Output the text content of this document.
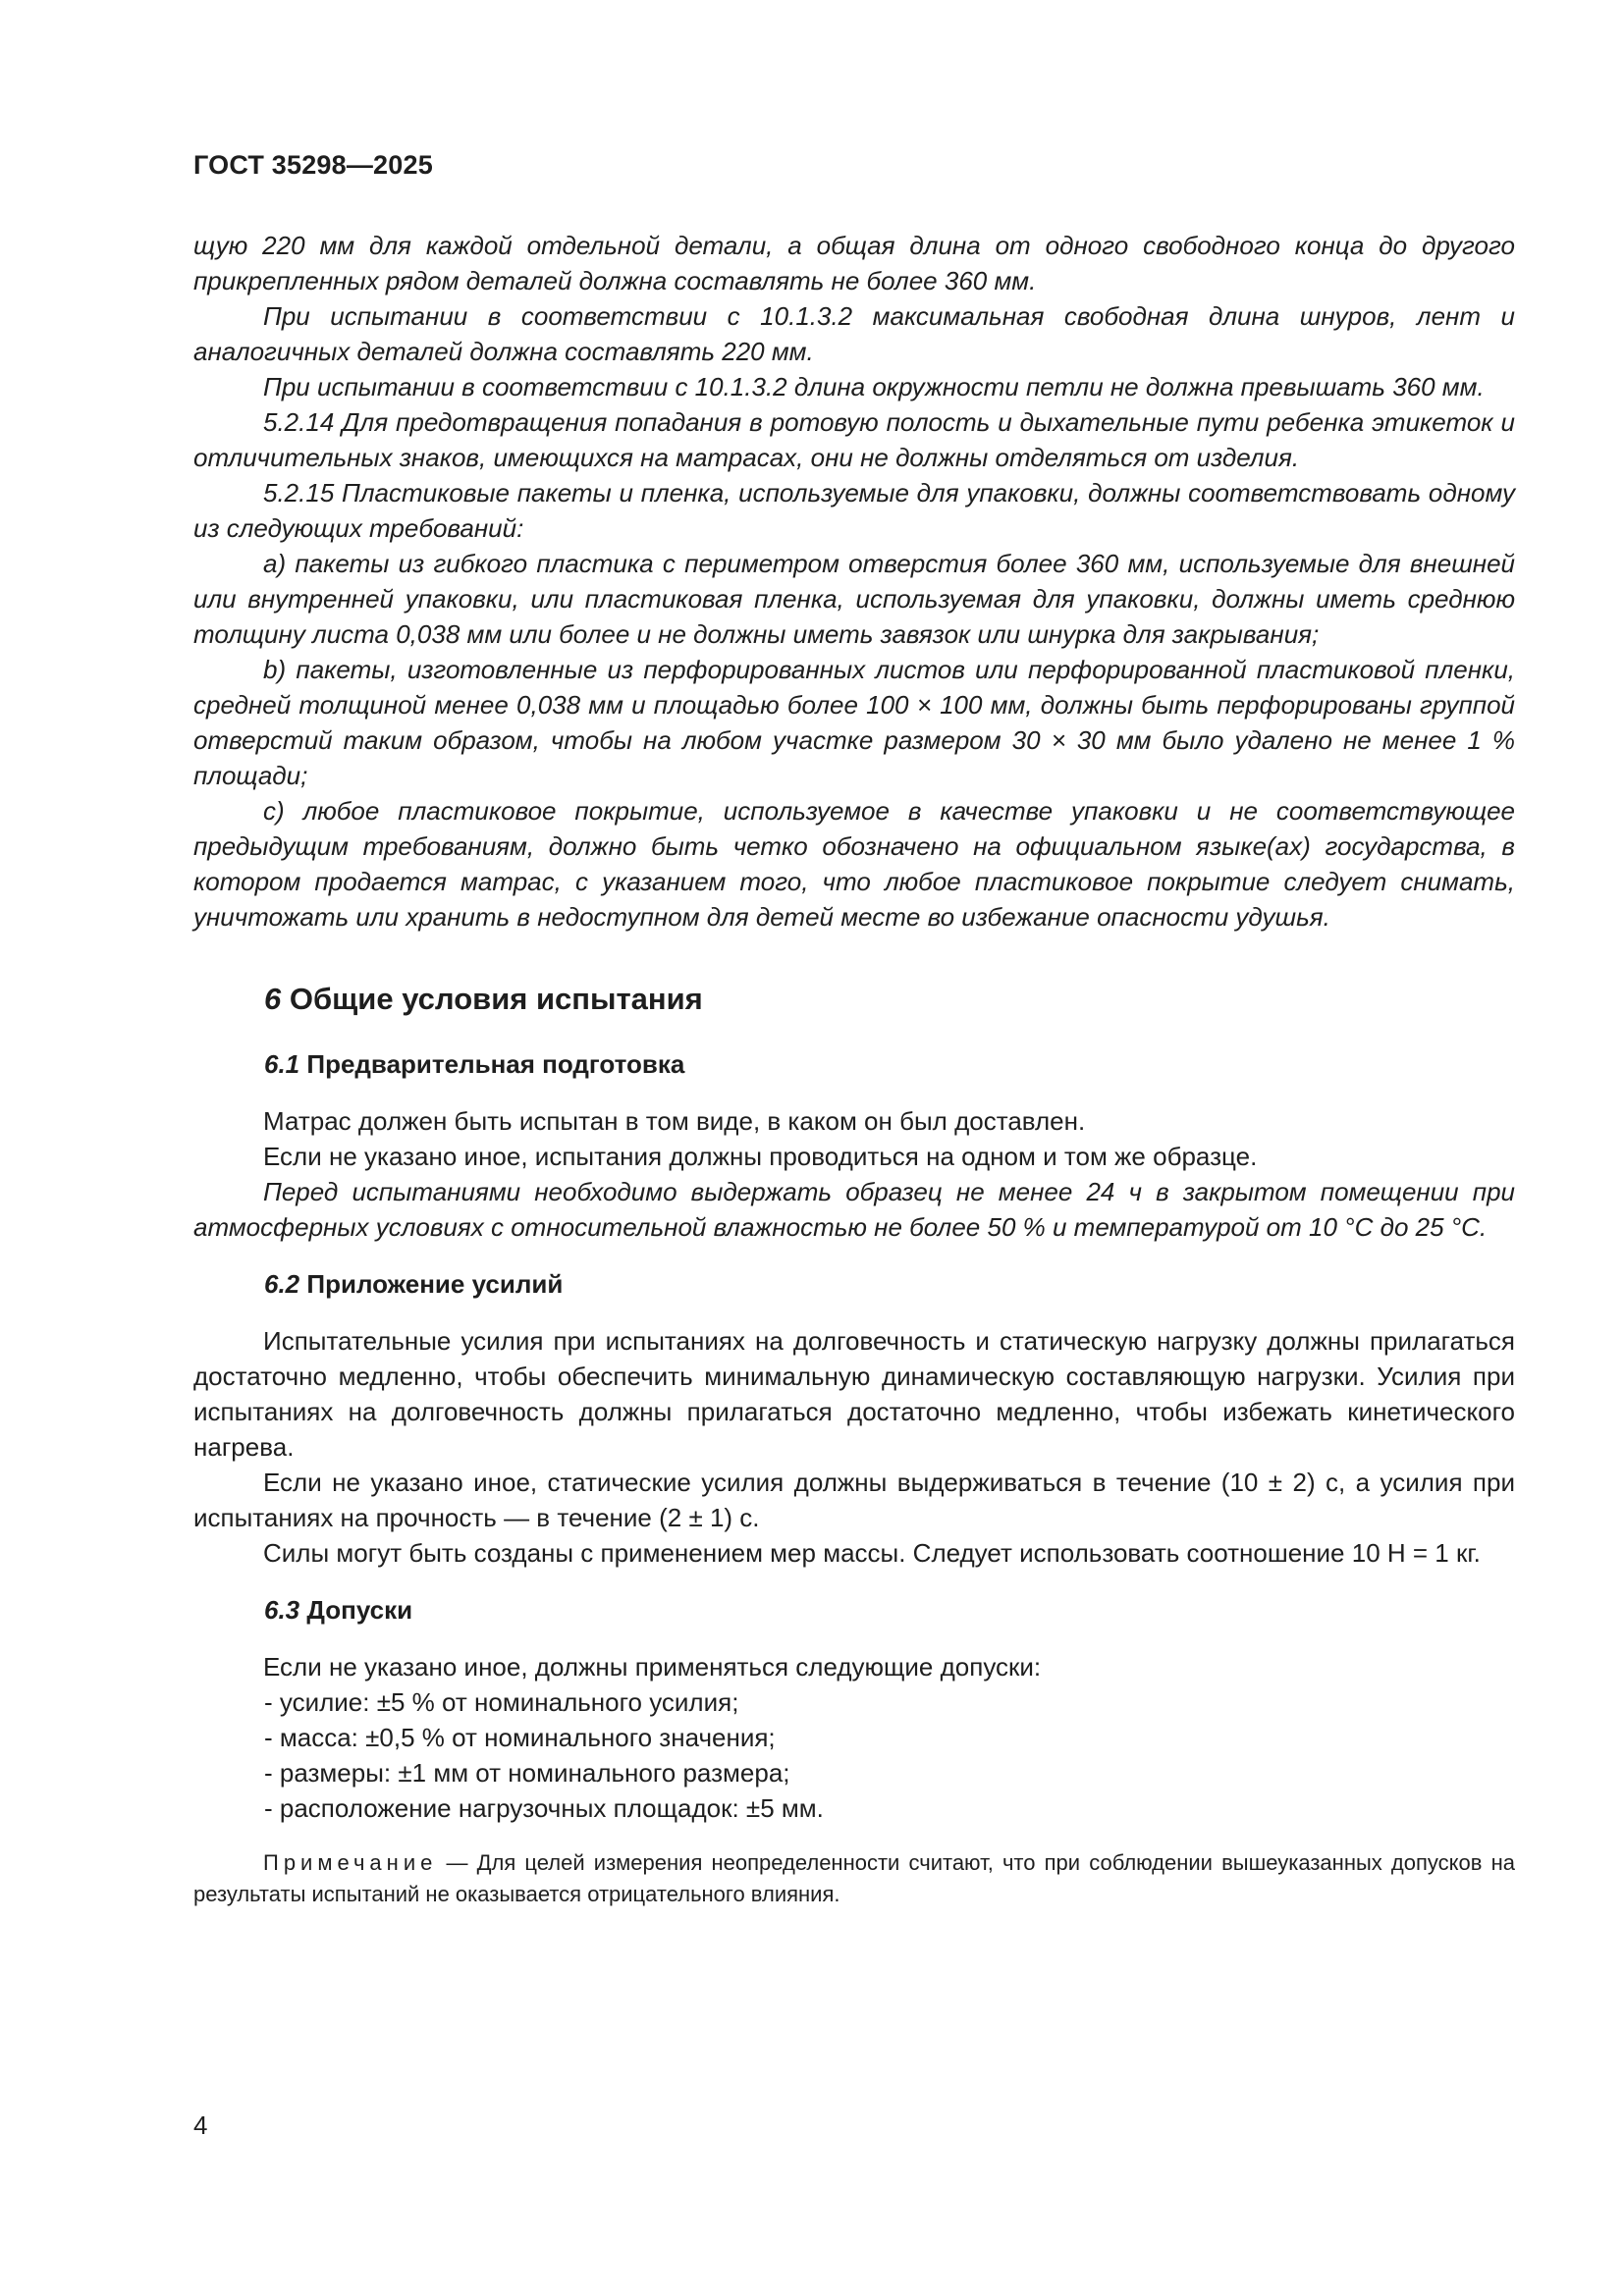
ГОСТ 35298—2025

щую 220 мм для каждой отдельной детали, а общая длина от одного свободного конца до другого прикрепленных рядом деталей должна составлять не более 360 мм.

При испытании в соответствии с 10.1.3.2 максимальная свободная длина шнуров, лент и аналогичных деталей должна составлять 220 мм.

При испытании в соответствии с 10.1.3.2 длина окружности петли не должна превышать 360 мм.

5.2.14 Для предотвращения попадания в ротовую полость и дыхательные пути ребенка этикеток и отличительных знаков, имеющихся на матрасах, они не должны отделяться от изделия.

5.2.15 Пластиковые пакеты и пленка, используемые для упаковки, должны соответствовать одному из следующих требований:

а) пакеты из гибкого пластика с периметром отверстия более 360 мм, используемые для внешней или внутренней упаковки, или пластиковая пленка, используемая для упаковки, должны иметь среднюю толщину листа 0,038 мм или более и не должны иметь завязок или шнурка для закрывания;

b) пакеты, изготовленные из перфорированных листов или перфорированной пластиковой пленки, средней толщиной менее 0,038 мм и площадью более 100 × 100 мм, должны быть перфорированы группой отверстий таким образом, чтобы на любом участке размером 30 × 30 мм было удалено не менее 1 % площади;

с) любое пластиковое покрытие, используемое в качестве упаковки и не соответствующее предыдущим требованиям, должно быть четко обозначено на официальном языке(ах) государства, в котором продается матрас, с указанием того, что любое пластиковое покрытие следует снимать, уничтожать или хранить в недоступном для детей месте во избежание опасности удушья.

6 Общие условия испытания
6.1 Предварительная подготовка

Матрас должен быть испытан в том виде, в каком он был доставлен.

Если не указано иное, испытания должны проводиться на одном и том же образце.

Перед испытаниями необходимо выдержать образец не менее 24 ч в закрытом помещении при атмосферных условиях с относительной влажностью не более 50 % и температурой от 10 °С до 25 °С.

6.2 Приложение усилий

Испытательные усилия при испытаниях на долговечность и статическую нагрузку должны прилагаться достаточно медленно, чтобы обеспечить минимальную динамическую составляющую нагрузки. Усилия при испытаниях на долговечность должны прилагаться достаточно медленно, чтобы избежать кинетического нагрева.

Если не указано иное, статические усилия должны выдерживаться в течение (10 ± 2) с, а усилия при испытаниях на прочность — в течение (2 ± 1) с.

Силы могут быть созданы с применением мер массы. Следует использовать соотношение 10 Н = 1 кг.

6.3 Допуски

Если не указано иное, должны применяться следующие допуски:

- усилие: ±5 % от номинального усилия;

- масса: ±0,5 % от номинального значения;

- размеры: ±1 мм от номинального размера;

- расположение нагрузочных площадок: ±5 мм.

Примечание — Для целей измерения неопределенности считают, что при соблюдении вышеуказанных допусков на результаты испытаний не оказывается отрицательного влияния.

4
